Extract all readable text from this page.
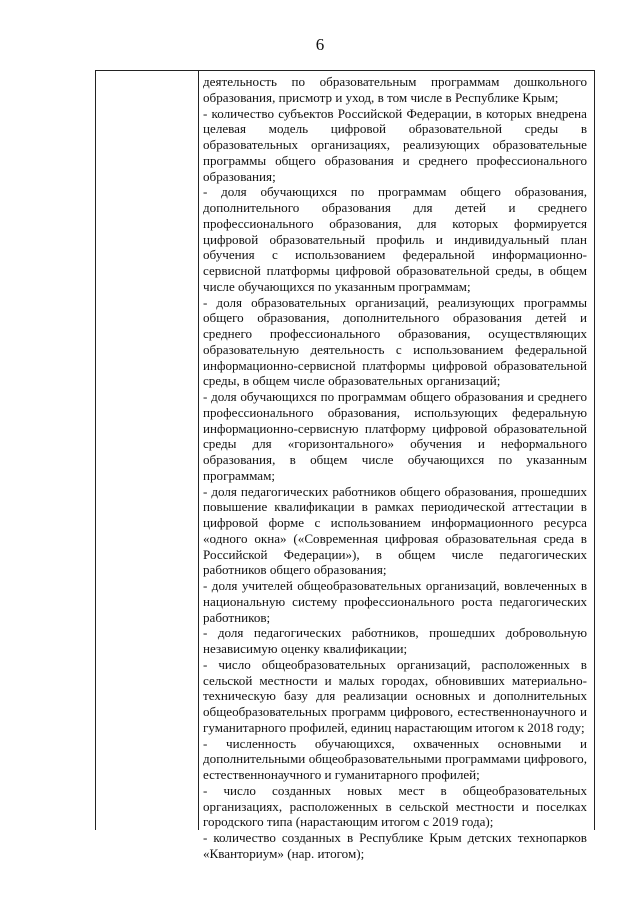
6

деятельность по образовательным программам дошкольного образования, присмотр и уход, в том числе в Республике Крым;

- количество субъектов Российской Федерации, в которых внедрена целевая модель цифровой образовательной среды в образовательных организациях, реализующих образовательные программы общего образования и среднего профессионального образования;

- доля обучающихся по программам общего образования, дополнительного образования для детей и среднего профессионального образования, для которых формируется цифровой образовательный профиль и индивидуальный план обучения с использованием федеральной информационно-сервисной платформы цифровой образовательной среды, в общем числе обучающихся по указанным программам;

- доля образовательных организаций, реализующих программы общего образования, дополнительного образования детей и среднего профессионального образования, осуществляющих образовательную деятельность с использованием федеральной информационно-сервисной платформы цифровой образовательной среды, в общем числе образовательных организаций;

- доля обучающихся по программам общего образования и среднего профессионального образования, использующих федеральную информационно-сервисную платформу цифровой образовательной среды для «горизонтального» обучения и неформального образования, в общем числе обучающихся по указанным программам;

- доля педагогических работников общего образования, прошедших повышение квалификации в рамках периодической аттестации в цифровой форме с использованием информационного ресурса «одного окна» («Современная цифровая образовательная среда в Российской Федерации»), в общем числе педагогических работников общего образования;

- доля учителей общеобразовательных организаций, вовлеченных в национальную систему профессионального роста педагогических работников;

- доля педагогических работников, прошедших добровольную независимую оценку квалификации;

- число общеобразовательных организаций, расположенных в сельской местности и малых городах, обновивших материально-техническую базу для реализации основных и дополнительных общеобразовательных программ цифрового, естественнонаучного и гуманитарного профилей, единиц нарастающим итогом к 2018 году;

- численность обучающихся, охваченных основными и дополнительными общеобразовательными программами цифрового, естественнонаучного и гуманитарного профилей;

- число созданных новых мест в общеобразовательных организациях, расположенных в сельской местности и поселках городского типа (нарастающим итогом с 2019 года);

- количество созданных в Республике Крым детских технопарков «Кванториум» (нар. итогом);
